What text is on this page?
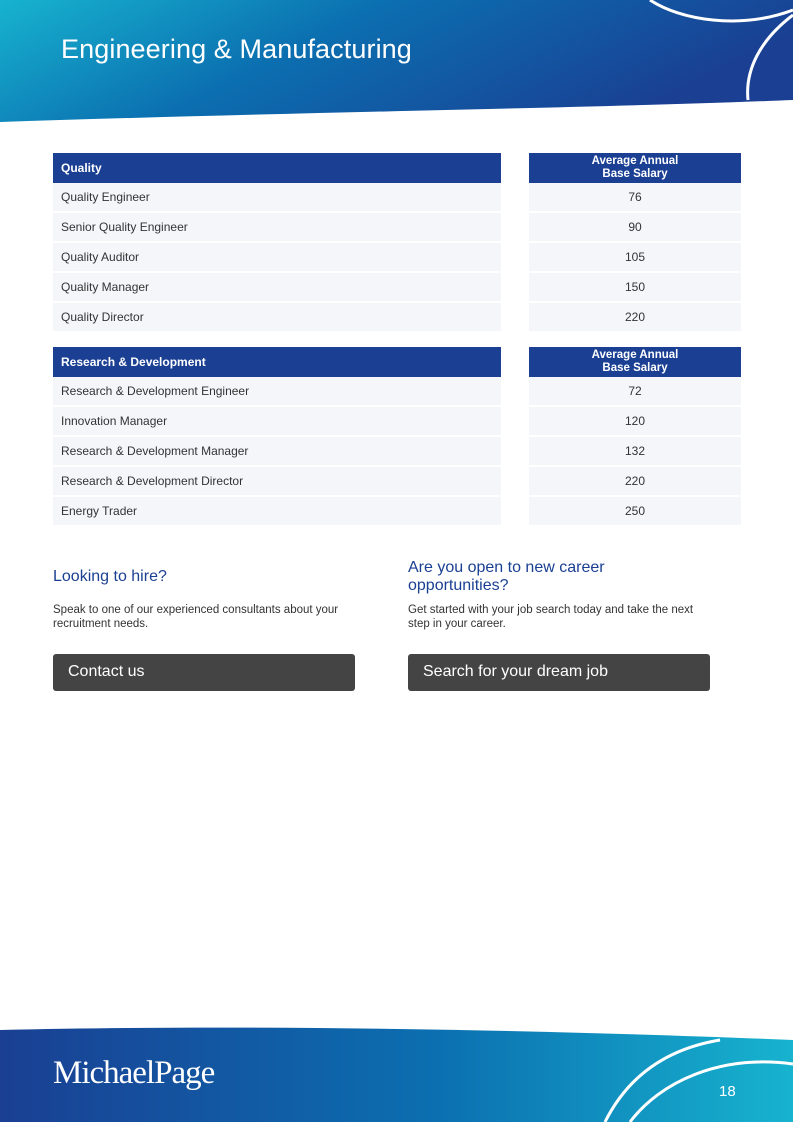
Engineering & Manufacturing
Quality	Average Annual
Base Salary
Quality Engineer	76
Senior Quality Engineer	90
Quality Auditor	105
Quality Manager	150
Quality Director	220
Research & Development	Average Annual
Base Salary
Research & Development Engineer	72
Innovation Manager	120
Research & Development Manager	132
Research & Development Director	220
Energy Trader	250
Looking to hire?
Speak to one of our experienced consultants about your recruitment needs.
Contact us
Are you open to new career opportunities?
Get started with your job search today and take the next step in your career.
Search for your dream job
MichaelPage
18
